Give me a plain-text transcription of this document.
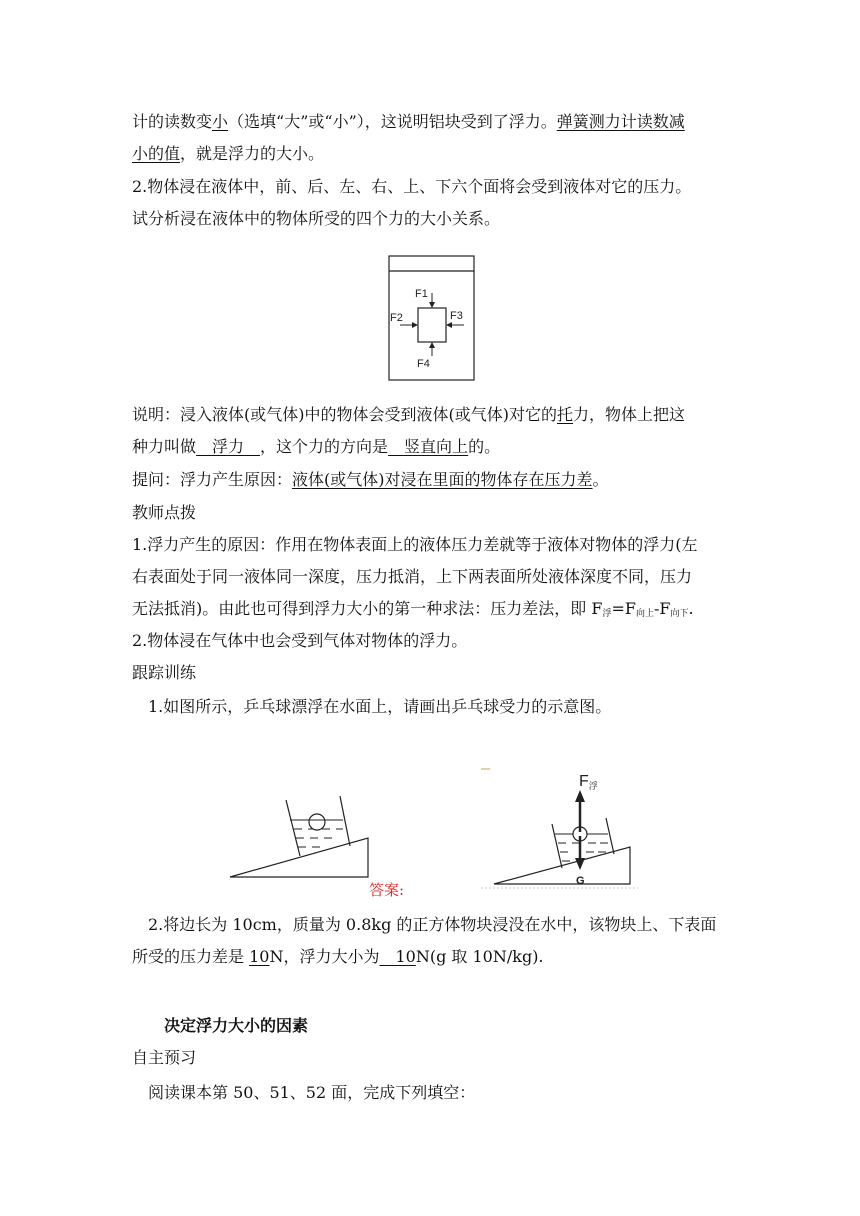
计的读数变小（选填“大”或“小”），这说明铝块受到了浮力。弹簧测力计读数减
小的值，就是浮力的大小。
2.物体浸在液体中，前、后、左、右、上、下六个面将会受到液体对它的压力。
试分析浸在液体中的物体所受的四个力的大小关系。
F1
F2	F3
F4
说明：浸入液体(或气体)中的物体会受到液体(或气体)对它的托力，物体上把这
种力叫做　浮力　，这个力的方向是　竖直向上的。
提问：浮力产生原因：液体(或气体)对浸在里面的物体存在压力差。
教师点拨
1.浮力产生的原因：作用在物体表面上的液体压力差就等于液体对物体的浮力(左
右表面处于同一液体同一深度，压力抵消，上下两表面所处液体深度不同，压力
无法抵消)。由此也可得到浮力大小的第一种求法：压力差法，即 $F_浮=F_{向上}-F_{向下}$.
2.物体浸在气体中也会受到气体对物体的浮力。
跟踪训练
1.如图所示，乒乓球漂浮在水面上，请画出乒乓球受力的示意图。
答案:
F浮
G
2.将边长为 10cm，质量为 0.8kg 的正方体物块浸没在水中，该物块上、下表面
所受的压力差是 10N，浮力大小为　10N(g 取 10N/kg).
决定浮力大小的因素
自主预习
阅读课本第 50、51、52 面，完成下列填空：
